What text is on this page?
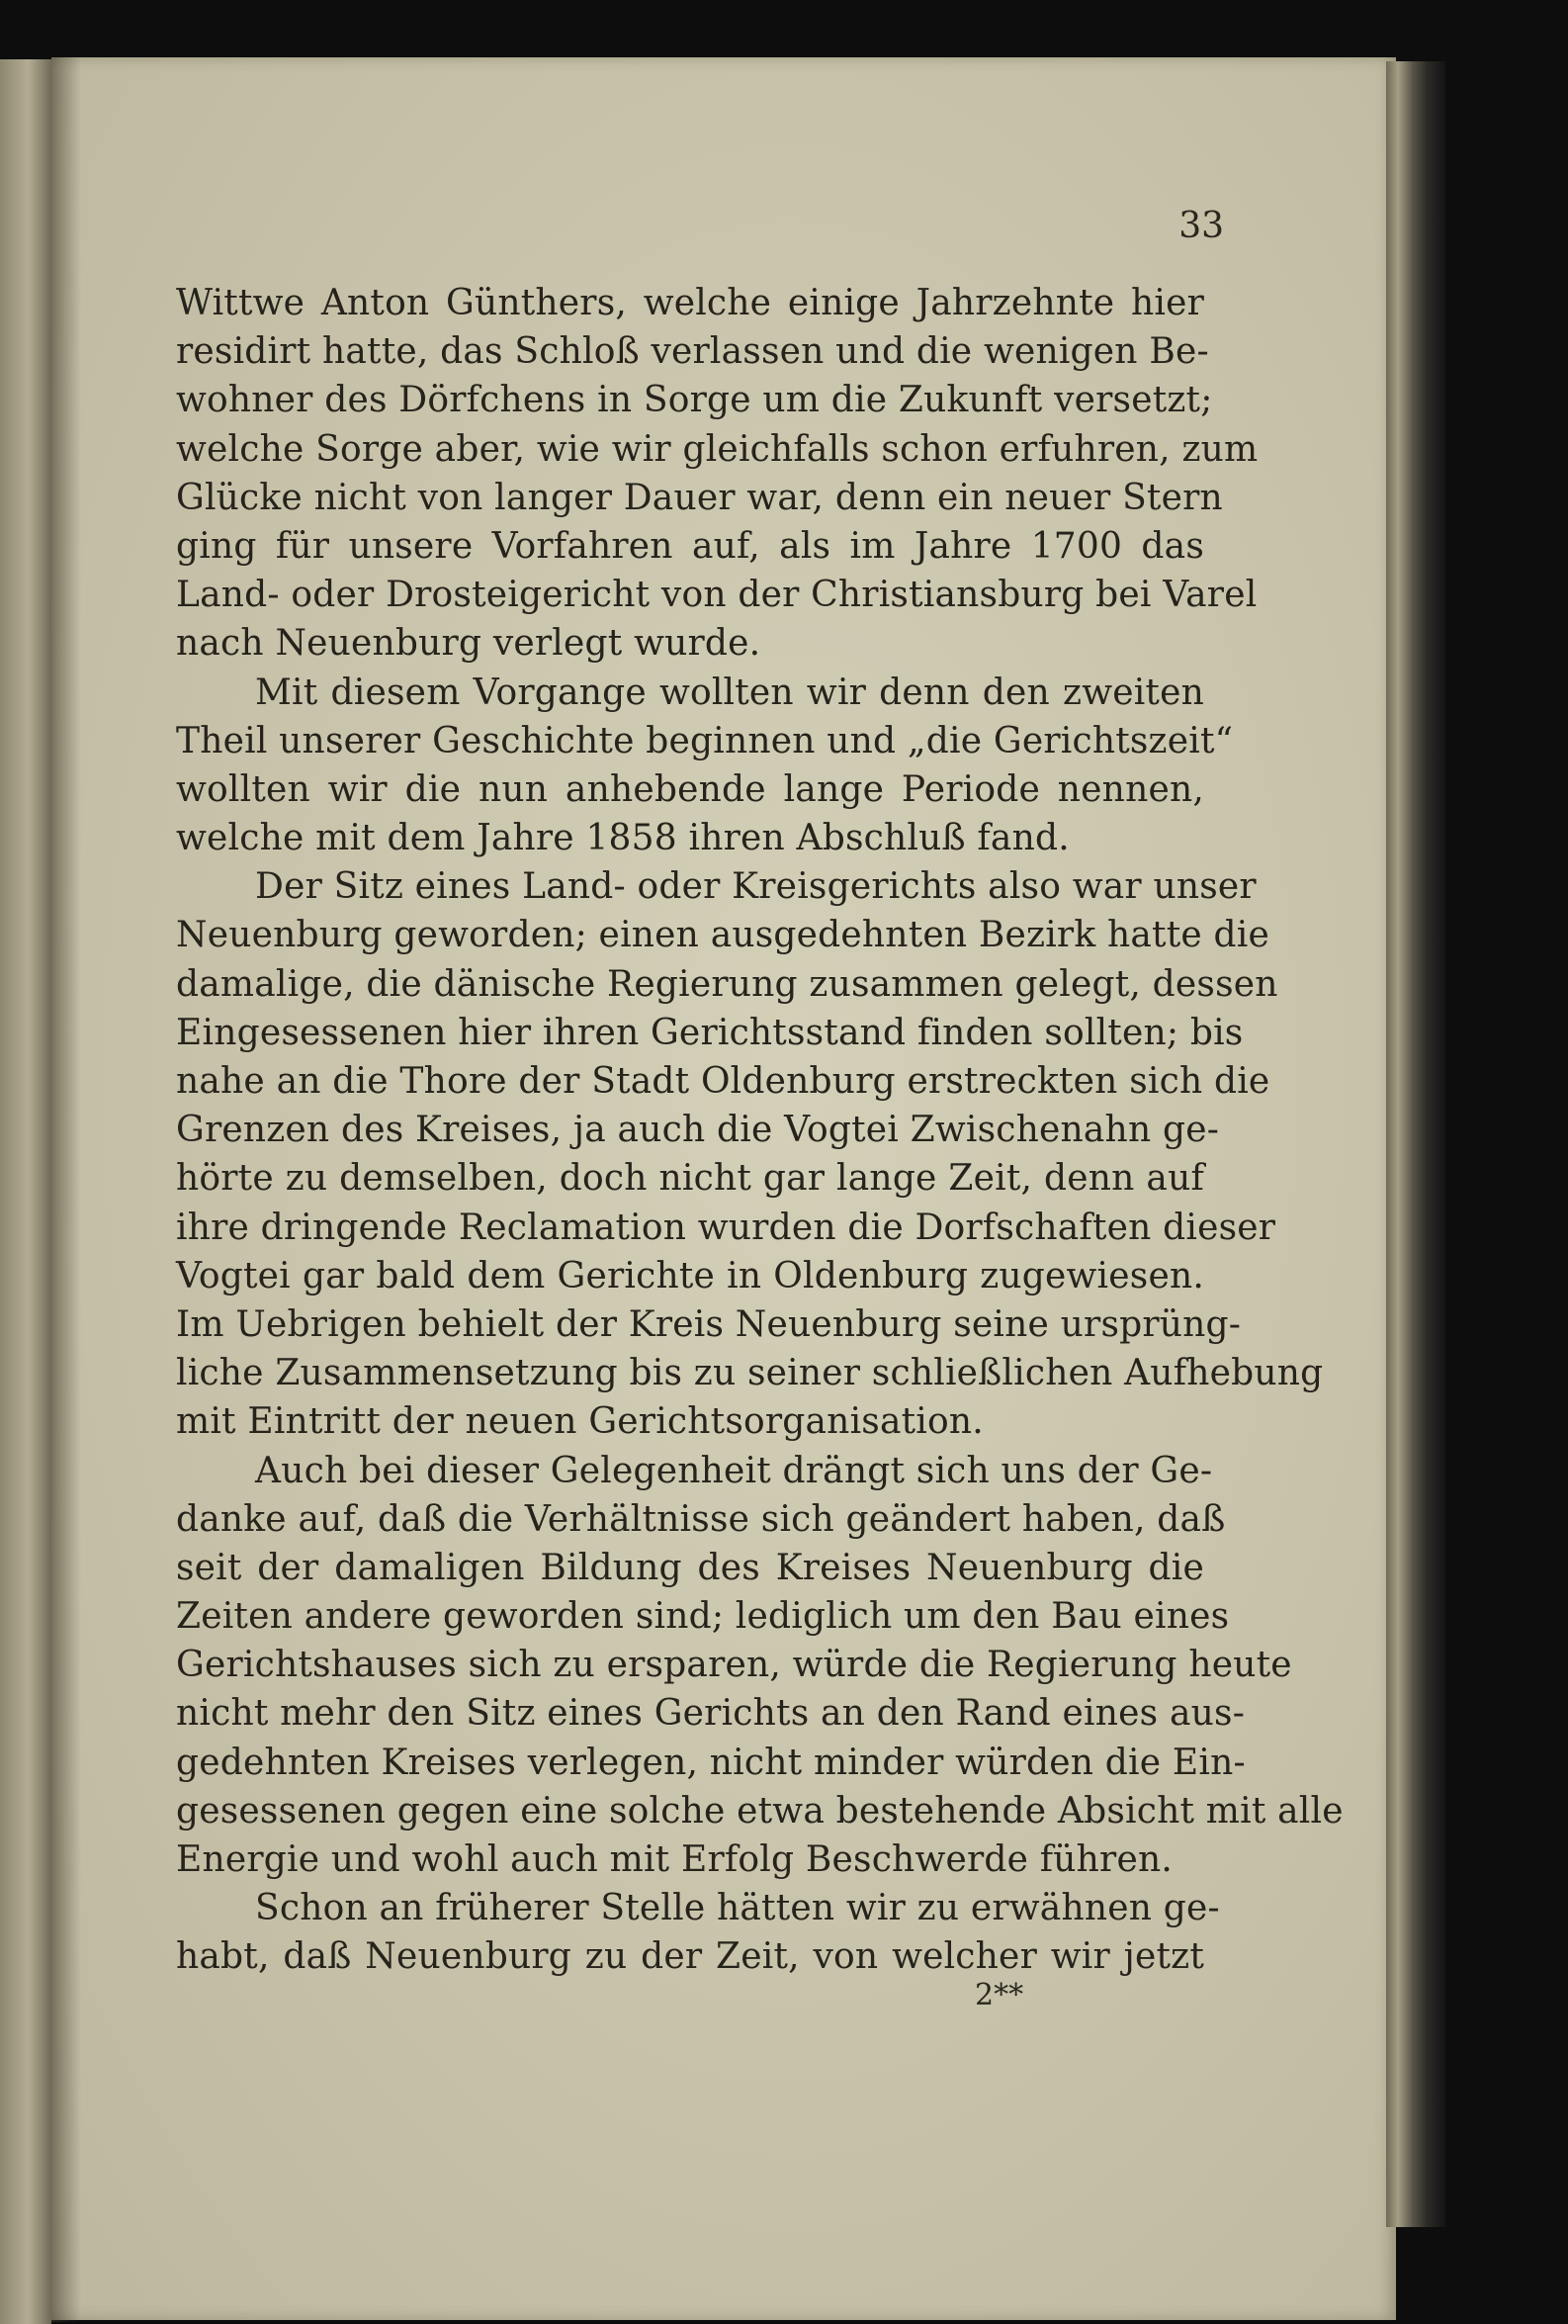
33
Wittwe Anton Günthers, welche einige Jahrzehnte hier
residirt hatte, das Schloß verlassen und die wenigen Be-
wohner des Dörfchens in Sorge um die Zukunft versetzt;
welche Sorge aber, wie wir gleichfalls schon erfuhren, zum
Glücke nicht von langer Dauer war, denn ein neuer Stern
ging für unsere Vorfahren auf, als im Jahre 1700 das
Land- oder Drosteigericht von der Christiansburg bei Varel
nach Neuenburg verlegt wurde.
Mit diesem Vorgange wollten wir denn den zweiten
Theil unserer Geschichte beginnen und „die Gerichtszeit“
wollten wir die nun anhebende lange Periode nennen,
welche mit dem Jahre 1858 ihren Abschluß fand.
Der Sitz eines Land- oder Kreisgerichts also war unser
Neuenburg geworden; einen ausgedehnten Bezirk hatte die
damalige, die dänische Regierung zusammen gelegt, dessen
Eingesessenen hier ihren Gerichtsstand finden sollten; bis
nahe an die Thore der Stadt Oldenburg erstreckten sich die
Grenzen des Kreises, ja auch die Vogtei Zwischenahn ge-
hörte zu demselben, doch nicht gar lange Zeit, denn auf
ihre dringende Reclamation wurden die Dorfschaften dieser
Vogtei gar bald dem Gerichte in Oldenburg zugewiesen.
Im Uebrigen behielt der Kreis Neuenburg seine ursprüng-
liche Zusammensetzung bis zu seiner schließlichen Aufhebung
mit Eintritt der neuen Gerichtsorganisation.
Auch bei dieser Gelegenheit drängt sich uns der Ge-
danke auf, daß die Verhältnisse sich geändert haben, daß
seit der damaligen Bildung des Kreises Neuenburg die
Zeiten andere geworden sind; lediglich um den Bau eines
Gerichtshauses sich zu ersparen, würde die Regierung heute
nicht mehr den Sitz eines Gerichts an den Rand eines aus-
gedehnten Kreises verlegen, nicht minder würden die Ein-
gesessenen gegen eine solche etwa bestehende Absicht mit alle
Energie und wohl auch mit Erfolg Beschwerde führen.
Schon an früherer Stelle hätten wir zu erwähnen ge-
habt, daß Neuenburg zu der Zeit, von welcher wir jetzt
2**
